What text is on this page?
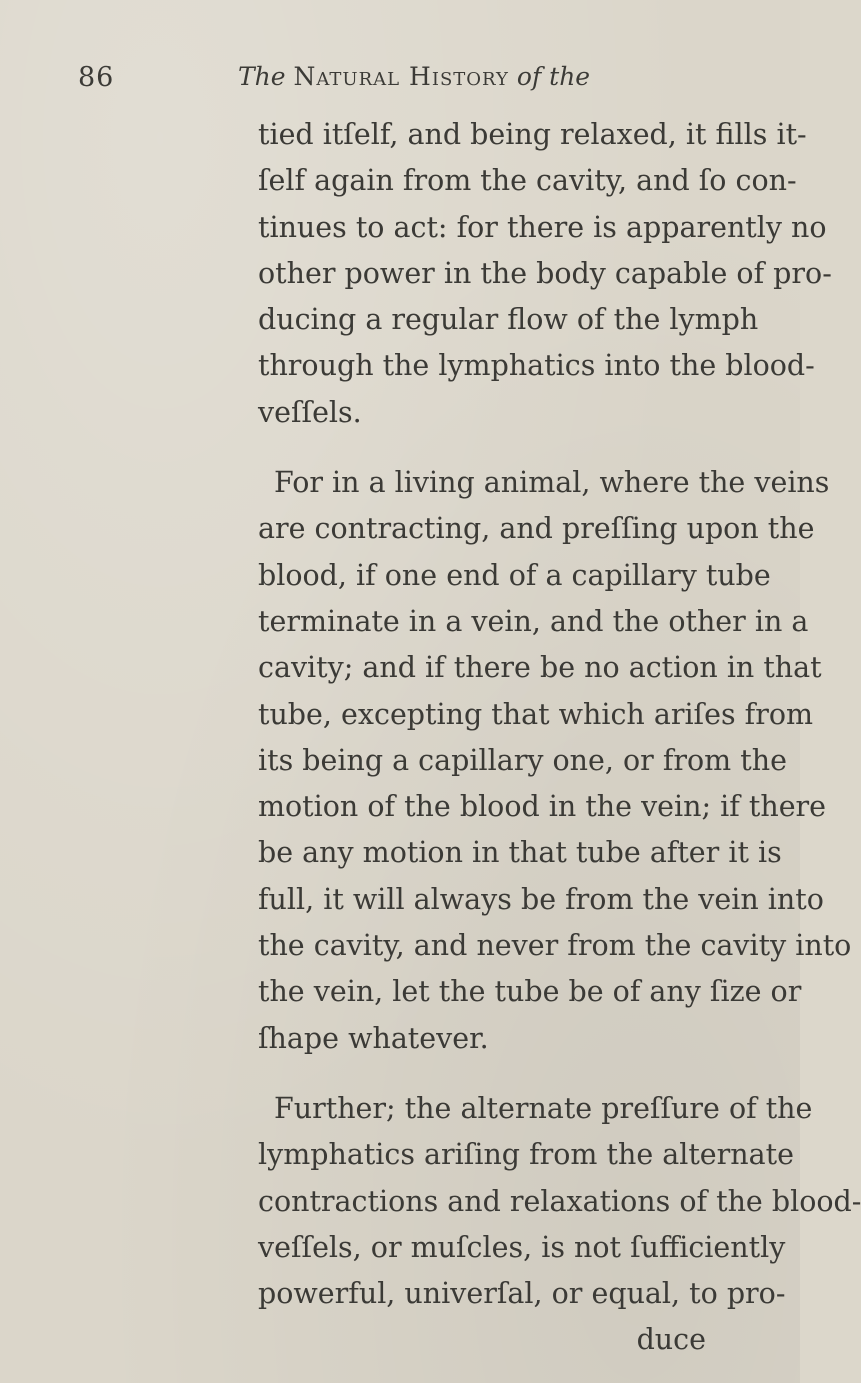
86	The Natural History of the
tied itſelf, and being relaxed, it fills it-
ſelf again from the cavity, and ſo con-
tinues to act: for there is apparently no
other power in the body capable of pro-
ducing a regular flow of the lymph
through the lymphatics into the blood-
veſſels.
For in a living animal, where the veins
are contracting, and preſſing upon the
blood, if one end of a capillary tube
terminate in a vein, and the other in a
cavity; and if there be no action in that
tube, excepting that which ariſes from
its being a capillary one, or from the
motion of the blood in the vein; if there
be any motion in that tube after it is
full, it will always be from the vein into
the cavity, and never from the cavity into
the vein, let the tube be of any ſize or
ſhape whatever.
Further; the alternate preſſure of the
lymphatics ariſing from the alternate
contractions and relaxations of the blood-
veſſels, or muſcles, is not ſufficiently
powerful, univerſal, or equal, to pro-
duce
